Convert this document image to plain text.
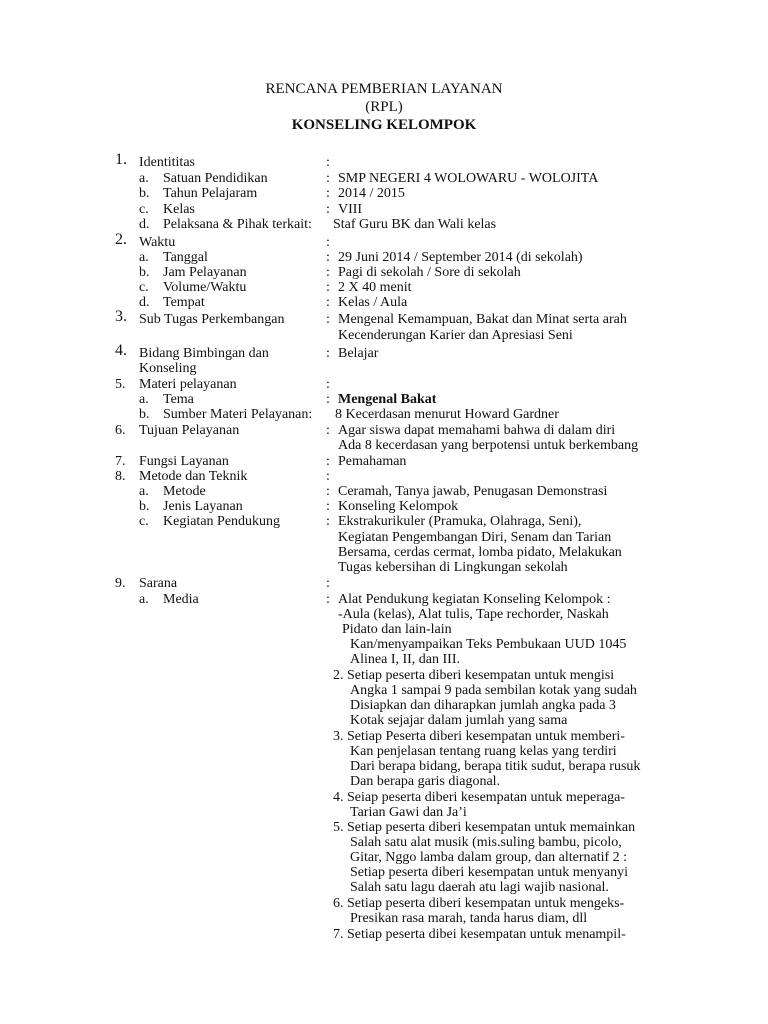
RENCANA PEMBERIAN LAYANAN
(RPL)
KONSELING KELOMPOK
1. Identititas	:
a. Satuan Pendidikan	: SMP NEGERI 4 WOLOWARU - WOLOJITA
b. Tahun Pelajaram	: 2014 / 2015
c. Kelas	: VIII
d. Pelaksana & Pihak terkait: Staf Guru BK dan Wali kelas
2. Waktu	:
a. Tanggal	: 29 Juni 2014 / September 2014 (di sekolah)
b. Jam Pelayanan	: Pagi di sekolah / Sore di sekolah
c. Volume/Waktu	: 2 X 40 menit
d. Tempat	: Kelas / Aula
3. Sub Tugas Perkembangan	: Mengenal Kemampuan, Bakat dan Minat serta arah
Kecenderungan Karier dan Apresiasi Seni
4. Bidang Bimbingan dan
Konseling
: Belajar
5. Materi pelayanan	:
a. Tema	: Mengenal Bakat
b. Sumber Materi Pelayanan: 8 Kecerdasan menurut Howard Gardner
6. Tujuan Pelayanan	: Agar siswa dapat memahami bahwa di dalam diri
Ada 8 kecerdasan yang berpotensi untuk berkembang
7. Fungsi Layanan	: Pemahaman
8. Metode dan Teknik	:
a. Metode	: Ceramah, Tanya jawab, Penugasan Demonstrasi
b. Jenis Layanan	: Konseling Kelompok
c. Kegiatan Pendukung	: Ekstrakurikuler (Pramuka, Olahraga, Seni),
Kegiatan Pengembangan Diri, Senam dan Tarian
Bersama, cerdas cermat, lomba pidato, Melakukan
Tugas kebersihan di Lingkungan sekolah
9. Sarana	:
a. Media	: Alat Pendukung kegiatan Konseling Kelompok :
-Aula (kelas), Alat tulis, Tape rechorder, Naskah
Pidato dan lain-lain
Kan/menyampaikan Teks Pembukaan UUD 1045
Alinea I, II, dan III.
2. Setiap peserta diberi kesempatan untuk mengisi
Angka 1 sampai 9 pada sembilan kotak yang sudah
Disiapkan dan diharapkan jumlah angka pada 3
Kotak sejajar dalam jumlah yang sama
3. Setiap Peserta diberi kesempatan untuk memberi-
Kan penjelasan tentang ruang kelas yang terdiri
Dari berapa bidang, berapa titik sudut, berapa rusuk
Dan berapa garis diagonal.
4. Seiap peserta diberi kesempatan untuk meperaga-
Tarian Gawi dan Ja’i
5. Setiap peserta diberi kesempatan untuk memainkan
Salah satu alat musik (mis.suling bambu, picolo,
Gitar, Nggo lamba dalam group, dan alternatif 2 :
Setiap peserta diberi kesempatan untuk menyanyi
Salah satu lagu daerah atu lagi wajib nasional.
6. Setiap peserta diberi kesempatan untuk mengeks-
Presikan rasa marah, tanda harus diam, dll
7. Setiap peserta dibei kesempatan untuk menampil-
